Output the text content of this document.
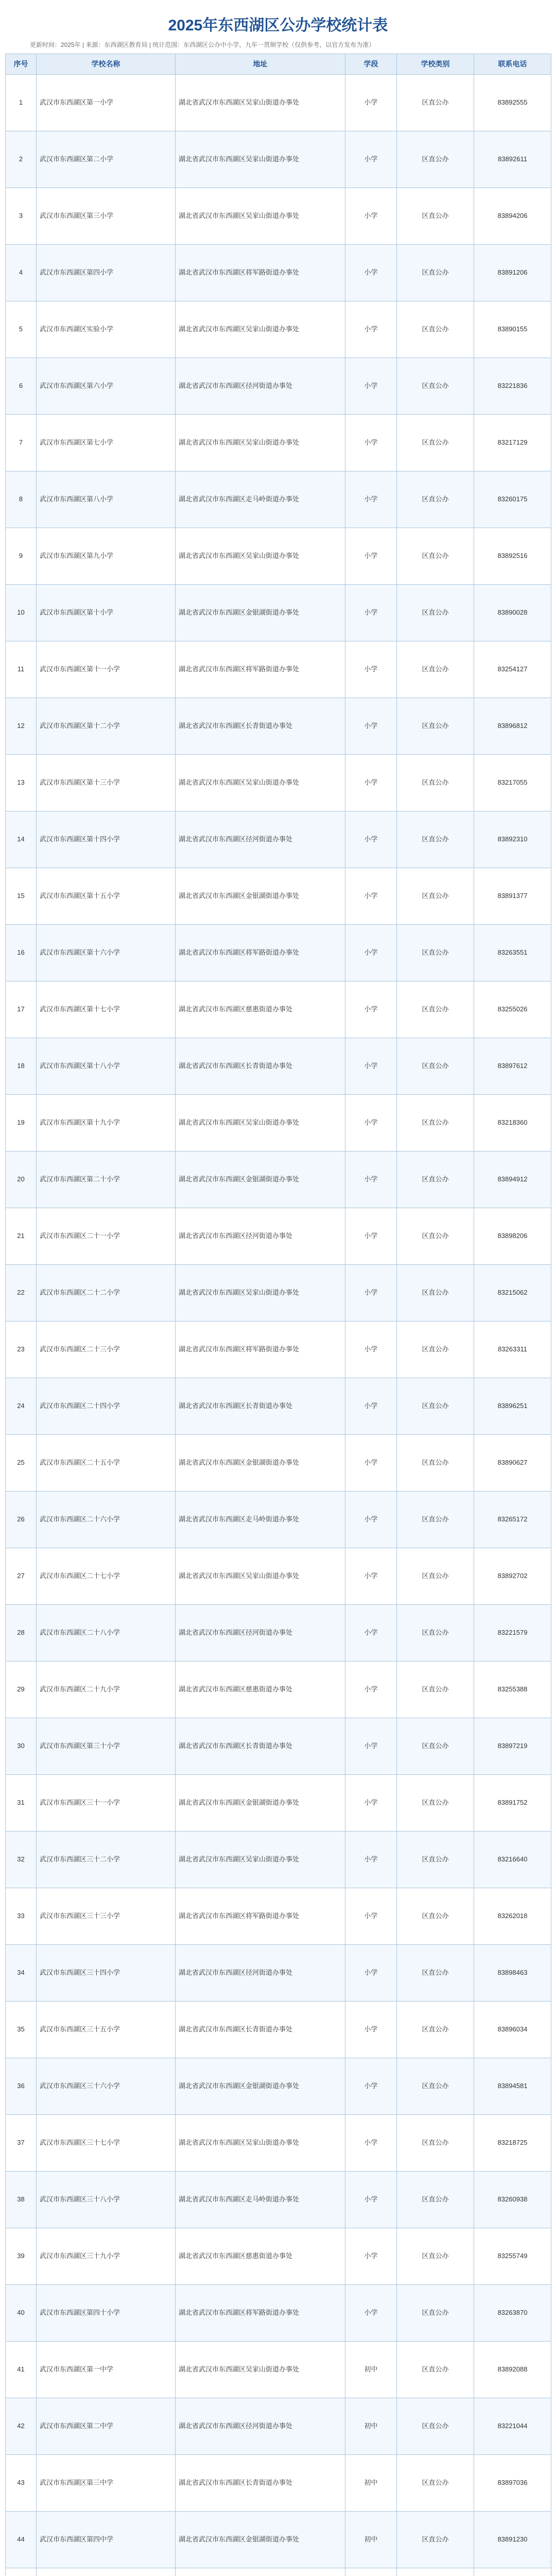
2025年东西湖区公办学校统计表
更新时间：2025年 | 来源：东西湖区教育局 | 统计范围：东西湖区公办中小学、九年一贯制学校（仅供参考，以官方发布为准）
序号	学校名称	地址	学段	学校类别	联系电话
1	武汉市东西湖区第一小学	湖北省武汉市东西湖区吴家山街道办事处	小学	区直公办	83892555
2	武汉市东西湖区第二小学	湖北省武汉市东西湖区吴家山街道办事处	小学	区直公办	83892611
3	武汉市东西湖区第三小学	湖北省武汉市东西湖区吴家山街道办事处	小学	区直公办	83894206
4	武汉市东西湖区第四小学	湖北省武汉市东西湖区将军路街道办事处	小学	区直公办	83891206
5	武汉市东西湖区实验小学	湖北省武汉市东西湖区吴家山街道办事处	小学	区直公办	83890155
6	武汉市东西湖区第六小学	湖北省武汉市东西湖区径河街道办事处	小学	区直公办	83221836
7	武汉市东西湖区第七小学	湖北省武汉市东西湖区吴家山街道办事处	小学	区直公办	83217129
8	武汉市东西湖区第八小学	湖北省武汉市东西湖区走马岭街道办事处	小学	区直公办	83260175
9	武汉市东西湖区第九小学	湖北省武汉市东西湖区吴家山街道办事处	小学	区直公办	83892516
10	武汉市东西湖区第十小学	湖北省武汉市东西湖区金银湖街道办事处	小学	区直公办	83890028
11	武汉市东西湖区第十一小学	湖北省武汉市东西湖区将军路街道办事处	小学	区直公办	83254127
12	武汉市东西湖区第十二小学	湖北省武汉市东西湖区长青街道办事处	小学	区直公办	83896812
13	武汉市东西湖区第十三小学	湖北省武汉市东西湖区吴家山街道办事处	小学	区直公办	83217055
14	武汉市东西湖区第十四小学	湖北省武汉市东西湖区径河街道办事处	小学	区直公办	83892310
15	武汉市东西湖区第十五小学	湖北省武汉市东西湖区金银湖街道办事处	小学	区直公办	83891377
16	武汉市东西湖区第十六小学	湖北省武汉市东西湖区将军路街道办事处	小学	区直公办	83263551
17	武汉市东西湖区第十七小学	湖北省武汉市东西湖区慈惠街道办事处	小学	区直公办	83255026
18	武汉市东西湖区第十八小学	湖北省武汉市东西湖区长青街道办事处	小学	区直公办	83897612
19	武汉市东西湖区第十九小学	湖北省武汉市东西湖区吴家山街道办事处	小学	区直公办	83218360
20	武汉市东西湖区第二十小学	湖北省武汉市东西湖区金银湖街道办事处	小学	区直公办	83894912
21	武汉市东西湖区二十一小学	湖北省武汉市东西湖区径河街道办事处	小学	区直公办	83898206
22	武汉市东西湖区二十二小学	湖北省武汉市东西湖区吴家山街道办事处	小学	区直公办	83215062
23	武汉市东西湖区二十三小学	湖北省武汉市东西湖区将军路街道办事处	小学	区直公办	83263311
24	武汉市东西湖区二十四小学	湖北省武汉市东西湖区长青街道办事处	小学	区直公办	83896251
25	武汉市东西湖区二十五小学	湖北省武汉市东西湖区金银湖街道办事处	小学	区直公办	83890627
26	武汉市东西湖区二十六小学	湖北省武汉市东西湖区走马岭街道办事处	小学	区直公办	83265172
27	武汉市东西湖区二十七小学	湖北省武汉市东西湖区吴家山街道办事处	小学	区直公办	83892702
28	武汉市东西湖区二十八小学	湖北省武汉市东西湖区径河街道办事处	小学	区直公办	83221579
29	武汉市东西湖区二十九小学	湖北省武汉市东西湖区慈惠街道办事处	小学	区直公办	83255388
30	武汉市东西湖区第三十小学	湖北省武汉市东西湖区长青街道办事处	小学	区直公办	83897219
31	武汉市东西湖区三十一小学	湖北省武汉市东西湖区金银湖街道办事处	小学	区直公办	83891752
32	武汉市东西湖区三十二小学	湖北省武汉市东西湖区吴家山街道办事处	小学	区直公办	83216640
33	武汉市东西湖区三十三小学	湖北省武汉市东西湖区将军路街道办事处	小学	区直公办	83262018
34	武汉市东西湖区三十四小学	湖北省武汉市东西湖区径河街道办事处	小学	区直公办	83898463
35	武汉市东西湖区三十五小学	湖北省武汉市东西湖区长青街道办事处	小学	区直公办	83896034
36	武汉市东西湖区三十六小学	湖北省武汉市东西湖区金银湖街道办事处	小学	区直公办	83894581
37	武汉市东西湖区三十七小学	湖北省武汉市东西湖区吴家山街道办事处	小学	区直公办	83218725
38	武汉市东西湖区三十八小学	湖北省武汉市东西湖区走马岭街道办事处	小学	区直公办	83260938
39	武汉市东西湖区三十九小学	湖北省武汉市东西湖区慈惠街道办事处	小学	区直公办	83255749
40	武汉市东西湖区第四十小学	湖北省武汉市东西湖区将军路街道办事处	小学	区直公办	83263870
41	武汉市东西湖区第一中学	湖北省武汉市东西湖区吴家山街道办事处	初中	区直公办	83892088
42	武汉市东西湖区第二中学	湖北省武汉市东西湖区径河街道办事处	初中	区直公办	83221044
43	武汉市东西湖区第三中学	湖北省武汉市东西湖区长青街道办事处	初中	区直公办	83897036
44	武汉市东西湖区第四中学	湖北省武汉市东西湖区金银湖街道办事处	初中	区直公办	83891230
